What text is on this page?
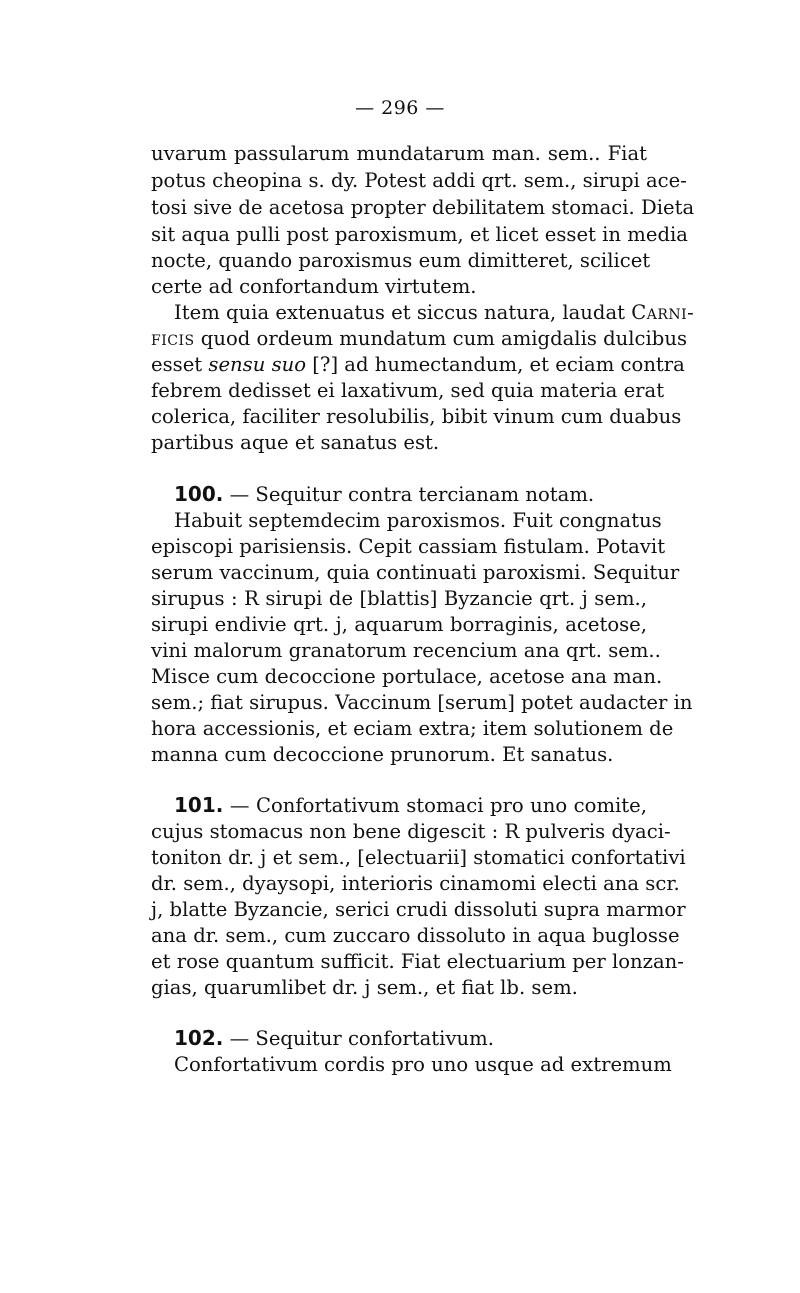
— 296 —
uvarum passularum mundatarum man. sem.. Fiat
potus cheopina s. dy. Potest addi qrt. sem., sirupi ace-
tosi sive de acetosa propter debilitatem stomaci. Dieta
sit aqua pulli post paroxismum, et licet esset in media
nocte, quando paroxismus eum dimitteret, scilicet
certe ad confortandum virtutem.
Item quia extenuatus et siccus natura, laudat Carni-
ficis quod ordeum mundatum cum amigdalis dulcibus
esset sensu suo [?] ad humectandum, et eciam contra
febrem dedisset ei laxativum, sed quia materia erat
colerica, faciliter resolubilis, bibit vinum cum duabus
partibus aque et sanatus est.
100. — Sequitur contra tercianam notam.
Habuit septemdecim paroxismos. Fuit congnatus
episcopi parisiensis. Cepit cassiam fistulam. Potavit
serum vaccinum, quia continuati paroxismi. Sequitur
sirupus : R sirupi de [blattis] Byzancie qrt. j sem.,
sirupi endivie qrt. j, aquarum borraginis, acetose,
vini malorum granatorum recencium ana qrt. sem..
Misce cum decoccione portulace, acetose ana man.
sem.; fiat sirupus. Vaccinum [serum] potet audacter in
hora accessionis, et eciam extra; item solutionem de
manna cum decoccione prunorum. Et sanatus.
101. — Confortativum stomaci pro uno comite,
cujus stomacus non bene digescit : R pulveris dyaci-
toniton dr. j et sem., [electuarii] stomatici confortativi
dr. sem., dyaysopi, interioris cinamomi electi ana scr.
j, blatte Byzancie, serici crudi dissoluti supra marmor
ana dr. sem., cum zuccaro dissoluto in aqua buglosse
et rose quantum sufficit. Fiat electuarium per lonzan-
gias, quarumlibet dr. j sem., et fiat lb. sem.
102. — Sequitur confortativum.
Confortativum cordis pro uno usque ad extremum
